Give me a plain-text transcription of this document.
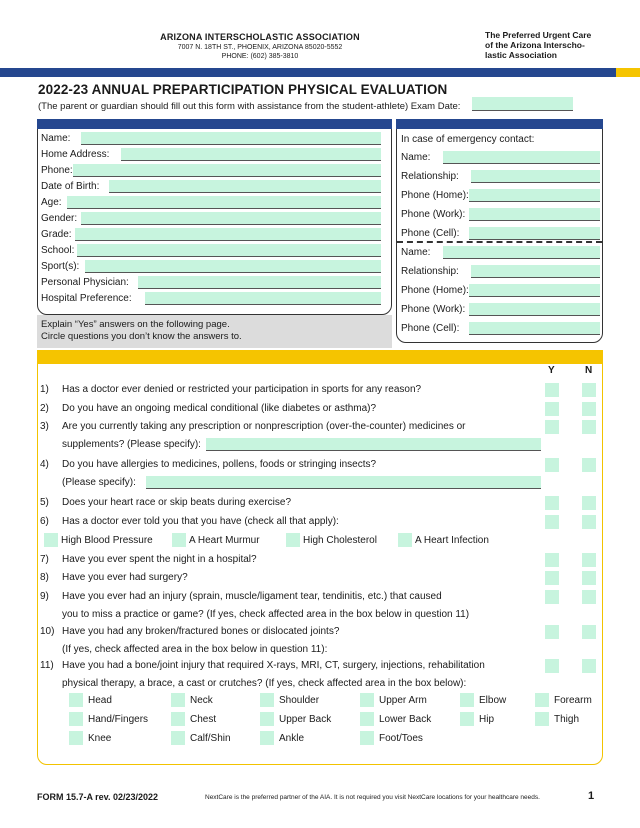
ARIZONA INTERSCHOLASTIC ASSOCIATION
7007 N. 18TH ST., PHOENIX, ARIZONA 85020-5552
PHONE: (602) 385-3810
The Preferred Urgent Care
of the Arizona Interscho-
lastic Association
2022-23 ANNUAL PREPARTICIPATION PHYSICAL EVALUATION
(The parent or guardian should fill out this form with assistance from the student-athlete) Exam Date:
Name:
Home Address:
Phone:
Date of Birth:
Age:
Gender:
Grade:
School:
Sport(s):
Personal Physician:
Hospital Preference:
In case of emergency contact:
Name:
Relationship:
Phone (Home):
Phone (Work):
Phone (Cell):
Name:
Relationship:
Phone (Home):
Phone (Work):
Phone (Cell):
Explain “Yes” answers on the following page.
Circle questions you don’t know the answers to.
Y	N
1) Has a doctor ever denied or restricted your participation in sports for any reason?
2) Do you have an ongoing medical conditional (like diabetes or asthma)?
3) Are you currently taking any prescription or nonprescription (over-the-counter) medicines or
supplements? (Please specify):
4) Do you have allergies to medicines, pollens, foods or stringing insects?
(Please specify):
5) Does your heart race or skip beats during exercise?
6) Has a doctor ever told you that you have (check all that apply):
7) Have you ever spent the night in a hospital?
8) Have you ever had surgery?
9) Have you ever had an injury (sprain, muscle/ligament tear, tendinitis, etc.) that caused
you to miss a practice or game? (If yes, check affected area in the box below in question 11)
10) Have you had any broken/fractured bones or dislocated joints?
(If yes, check affected area in the box below in question 11):
11) Have you had a bone/joint injury that required X-rays, MRI, CT, surgery, injections, rehabilitation
physical therapy, a brace, a cast or crutches? (If yes, check affected area in the box below):
High Blood Pressure	A Heart Murmur	High Cholesterol	A Heart Infection
Head	Neck	Shoulder	Upper Arm	Elbow	Forearm
Hand/Fingers	Chest	Upper Back	Lower Back	Hip	Thigh
Knee	Calf/Shin	Ankle	Foot/Toes
FORM 15.7-A rev. 02/23/2022	NextCare is the preferred partner of the AIA. It is not required you visit NextCare locations for your healthcare needs.	1
